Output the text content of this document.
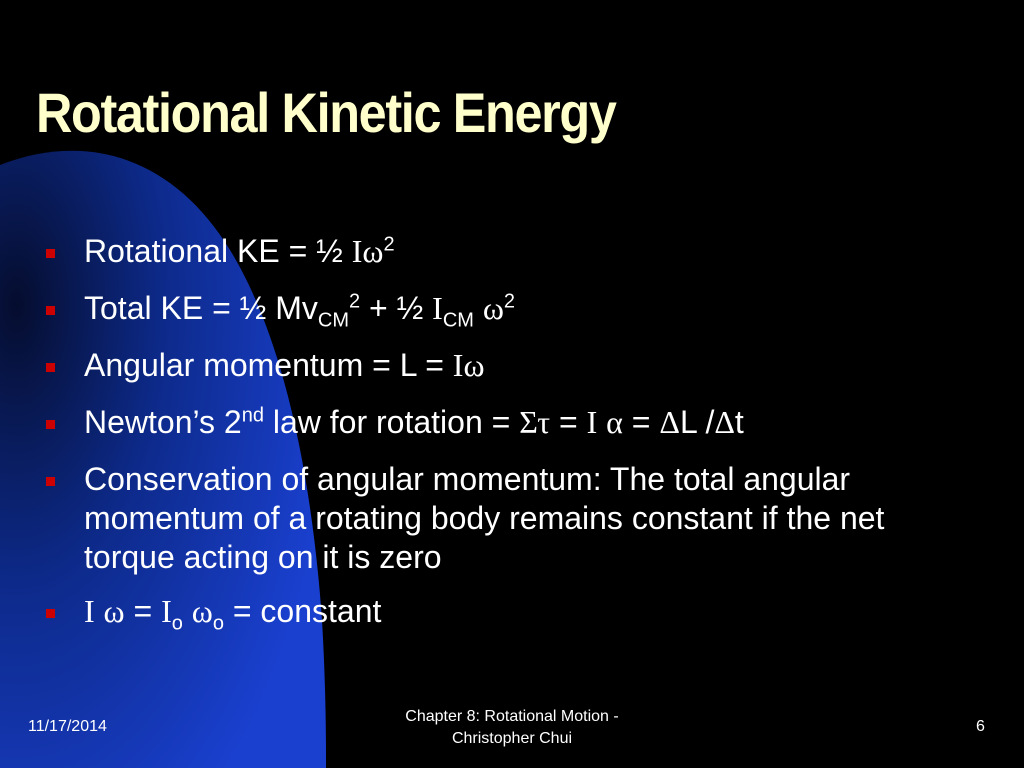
Rotational Kinetic Energy
Rotational KE = ½ $I\omega^2$
Total KE = ½ $Mv_{CM}^2$ + ½ $I_{CM}$ $\omega^2$
Angular momentum = L = Iω
Newton’s 2nd law for rotation = Στ = I α = ΔL /Δt
Conservation of angular momentum: The total angular momentum of a rotating body remains constant if the net torque acting on it is zero
I $\omega = I_o$ $\omega_o$ = constant
11/17/2014
Chapter 8: Rotational Motion -
Christopher Chui
6
